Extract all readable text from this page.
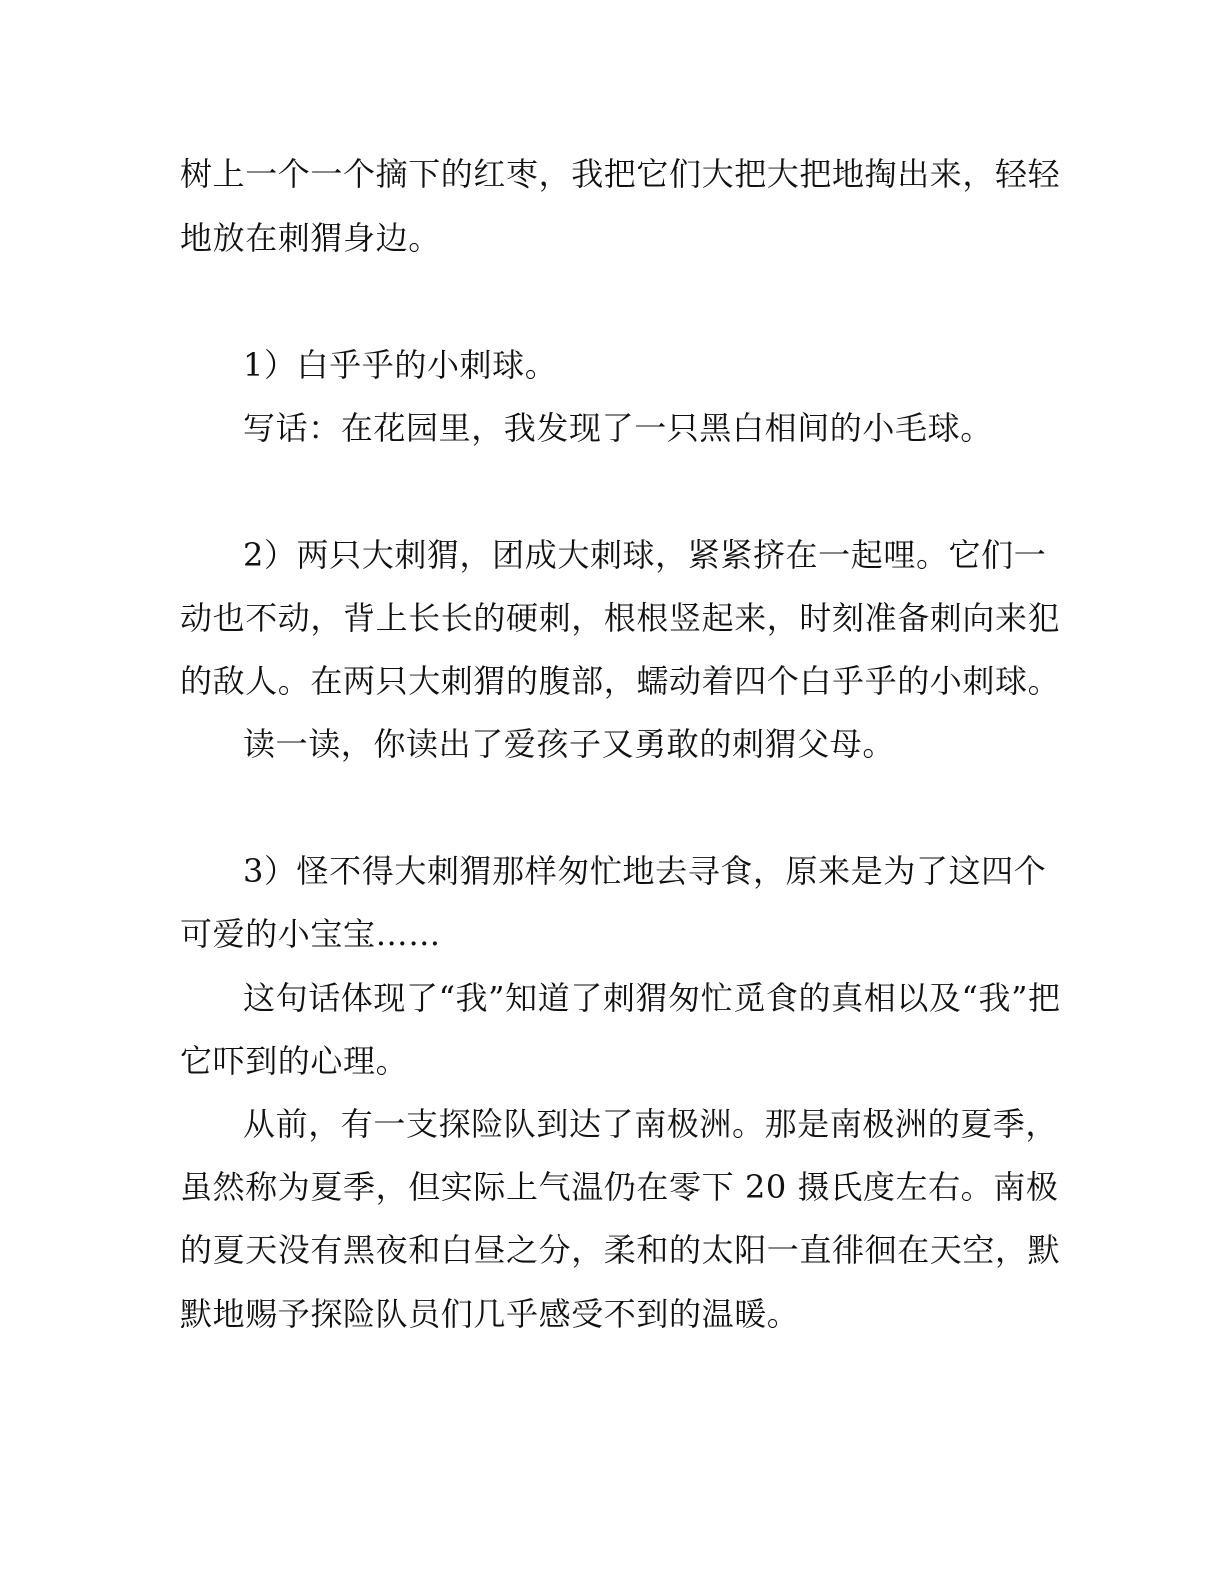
树上一个一个摘下的红枣，我把它们大把大把地掏出来，轻轻
地放在刺猬身边。
1）白乎乎的小刺球。
写话：在花园里，我发现了一只黑白相间的小毛球。
2）两只大刺猬，团成大刺球，紧紧挤在一起哩。它们一
动也不动，背上长长的硬刺，根根竖起来，时刻准备刺向来犯
的敌人。在两只大刺猬的腹部，蠕动着四个白乎乎的小刺球。
读一读，你读出了爱孩子又勇敢的刺猬父母。
3）怪不得大刺猬那样匆忙地去寻食，原来是为了这四个
可爱的小宝宝……
这句话体现了“我”知道了刺猬匆忙觅食的真相以及“我”把
它吓到的心理。
从前，有一支探险队到达了南极洲。那是南极洲的夏季，
虽然称为夏季，但实际上气温仍在零下 20 摄氏度左右。南极
的夏天没有黑夜和白昼之分，柔和的太阳一直徘徊在天空，默
默地赐予探险队员们几乎感受不到的温暖。
